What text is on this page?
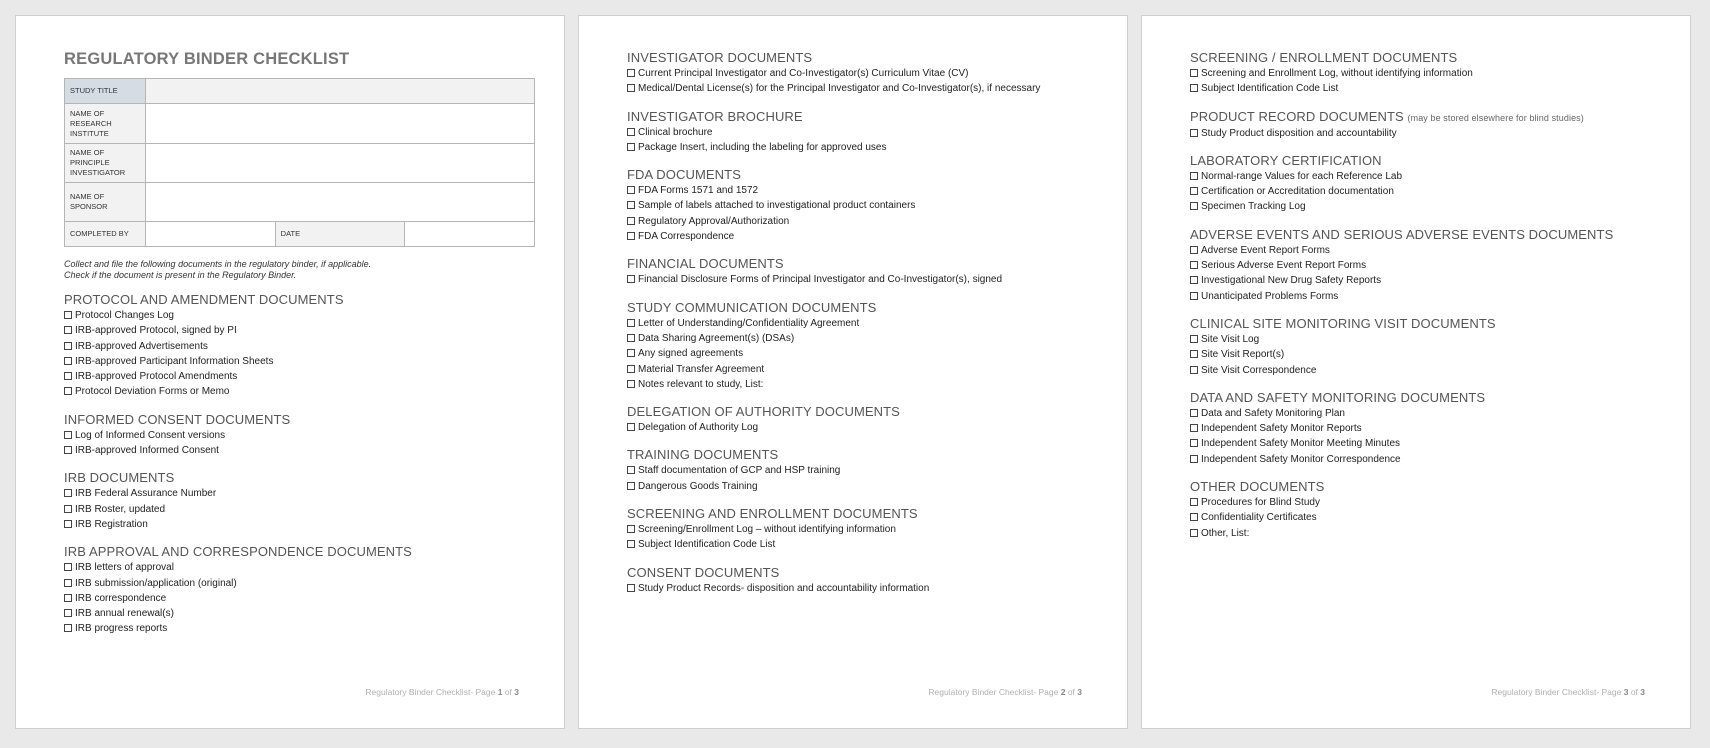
REGULATORY BINDER CHECKLIST
STUDY TITLE			
NAME OF RESEARCH INSTITUTE			
NAME OF PRINCIPLE INVESTIGATOR			
NAME OF SPONSOR			
COMPLETED BY		DATE	
Collect and file the following documents in the regulatory binder, if applicable.
Check if the document is present in the Regulatory Binder.
PROTOCOL AND AMENDMENT DOCUMENTS
Protocol Changes Log
IRB-approved Protocol, signed by PI
IRB-approved Advertisements
IRB-approved Participant Information Sheets
IRB-approved Protocol Amendments
Protocol Deviation Forms or Memo
INFORMED CONSENT DOCUMENTS
Log of Informed Consent versions
IRB-approved Informed Consent
IRB DOCUMENTS
IRB Federal Assurance Number
IRB Roster, updated
IRB Registration
IRB APPROVAL AND CORRESPONDENCE DOCUMENTS
IRB letters of approval
IRB submission/application (original)
IRB correspondence
IRB annual renewal(s)
IRB progress reports
Regulatory Binder Checklist- Page 1 of 3
INVESTIGATOR DOCUMENTS
Current Principal Investigator and Co-Investigator(s) Curriculum Vitae (CV)
Medical/Dental License(s) for the Principal Investigator and Co-Investigator(s), if necessary
INVESTIGATOR BROCHURE
Clinical brochure
Package Insert, including the labeling for approved uses
FDA DOCUMENTS
FDA Forms 1571 and 1572
Sample of labels attached to investigational product containers
Regulatory Approval/Authorization
FDA Correspondence
FINANCIAL DOCUMENTS
Financial Disclosure Forms of Principal Investigator and Co-Investigator(s), signed
STUDY COMMUNICATION DOCUMENTS
Letter of Understanding/Confidentiality Agreement
Data Sharing Agreement(s) (DSAs)
Any signed agreements
Material Transfer Agreement
Notes relevant to study, List:
DELEGATION OF AUTHORITY DOCUMENTS
Delegation of Authority Log
TRAINING DOCUMENTS
Staff documentation of GCP and HSP training
Dangerous Goods Training
SCREENING AND ENROLLMENT DOCUMENTS
Screening/Enrollment Log – without identifying information
Subject Identification Code List
CONSENT DOCUMENTS
Study Product Records- disposition and accountability information
Regulatory Binder Checklist- Page 2 of 3
SCREENING / ENROLLMENT DOCUMENTS
Screening and Enrollment Log, without identifying information
Subject Identification Code List
PRODUCT RECORD DOCUMENTS (may be stored elsewhere for blind studies)
Study Product disposition and accountability
LABORATORY CERTIFICATION
Normal-range Values for each Reference Lab
Certification or Accreditation documentation
Specimen Tracking Log
ADVERSE EVENTS AND SERIOUS ADVERSE EVENTS DOCUMENTS
Adverse Event Report Forms
Serious Adverse Event Report Forms
Investigational New Drug Safety Reports
Unanticipated Problems Forms
CLINICAL SITE MONITORING VISIT DOCUMENTS
Site Visit Log
Site Visit Report(s)
Site Visit Correspondence
DATA AND SAFETY MONITORING DOCUMENTS
Data and Safety Monitoring Plan
Independent Safety Monitor Reports
Independent Safety Monitor Meeting Minutes
Independent Safety Monitor Correspondence
OTHER DOCUMENTS
Procedures for Blind Study
Confidentiality Certificates
Other, List:
Regulatory Binder Checklist- Page 3 of 3
